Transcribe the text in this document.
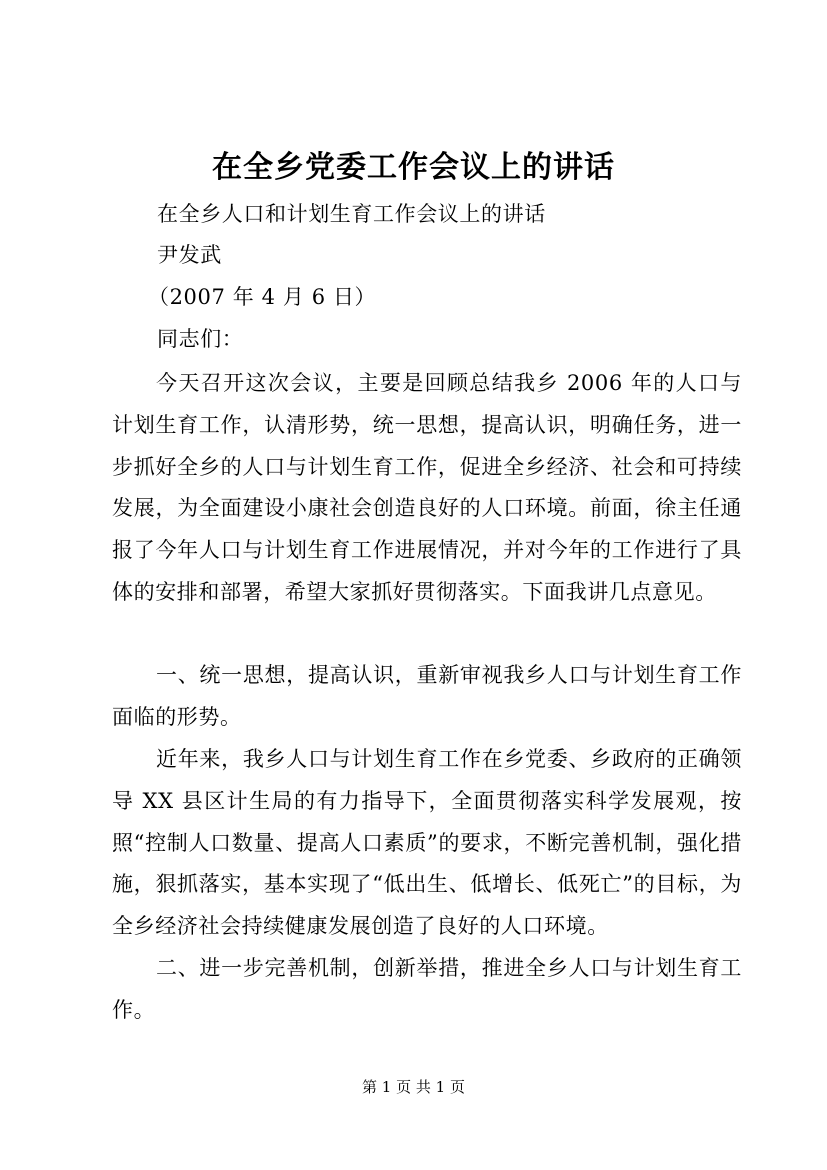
在全乡党委工作会议上的讲话
在全乡人口和计划生育工作会议上的讲话
尹发武
（2007 年 4 月 6 日）
同志们：
今天召开这次会议，主要是回顾总结我乡 2006 年的人口与计划生育工作，认清形势，统一思想，提高认识，明确任务，进一步抓好全乡的人口与计划生育工作，促进全乡经济、社会和可持续发展，为全面建设小康社会创造良好的人口环境。前面，徐主任通报了今年人口与计划生育工作进展情况，并对今年的工作进行了具体的安排和部署，希望大家抓好贯彻落实。下面我讲几点意见。
一、统一思想，提高认识，重新审视我乡人口与计划生育工作面临的形势。
近年来，我乡人口与计划生育工作在乡党委、乡政府的正确领导 XX 县区计生局的有力指导下，全面贯彻落实科学发展观，按照“控制人口数量、提高人口素质”的要求，不断完善机制，强化措施，狠抓落实，基本实现了“低出生、低增长、低死亡”的目标，为全乡经济社会持续健康发展创造了良好的人口环境。
二、进一步完善机制，创新举措，推进全乡人口与计划生育工作。
第 1 页 共 1 页
